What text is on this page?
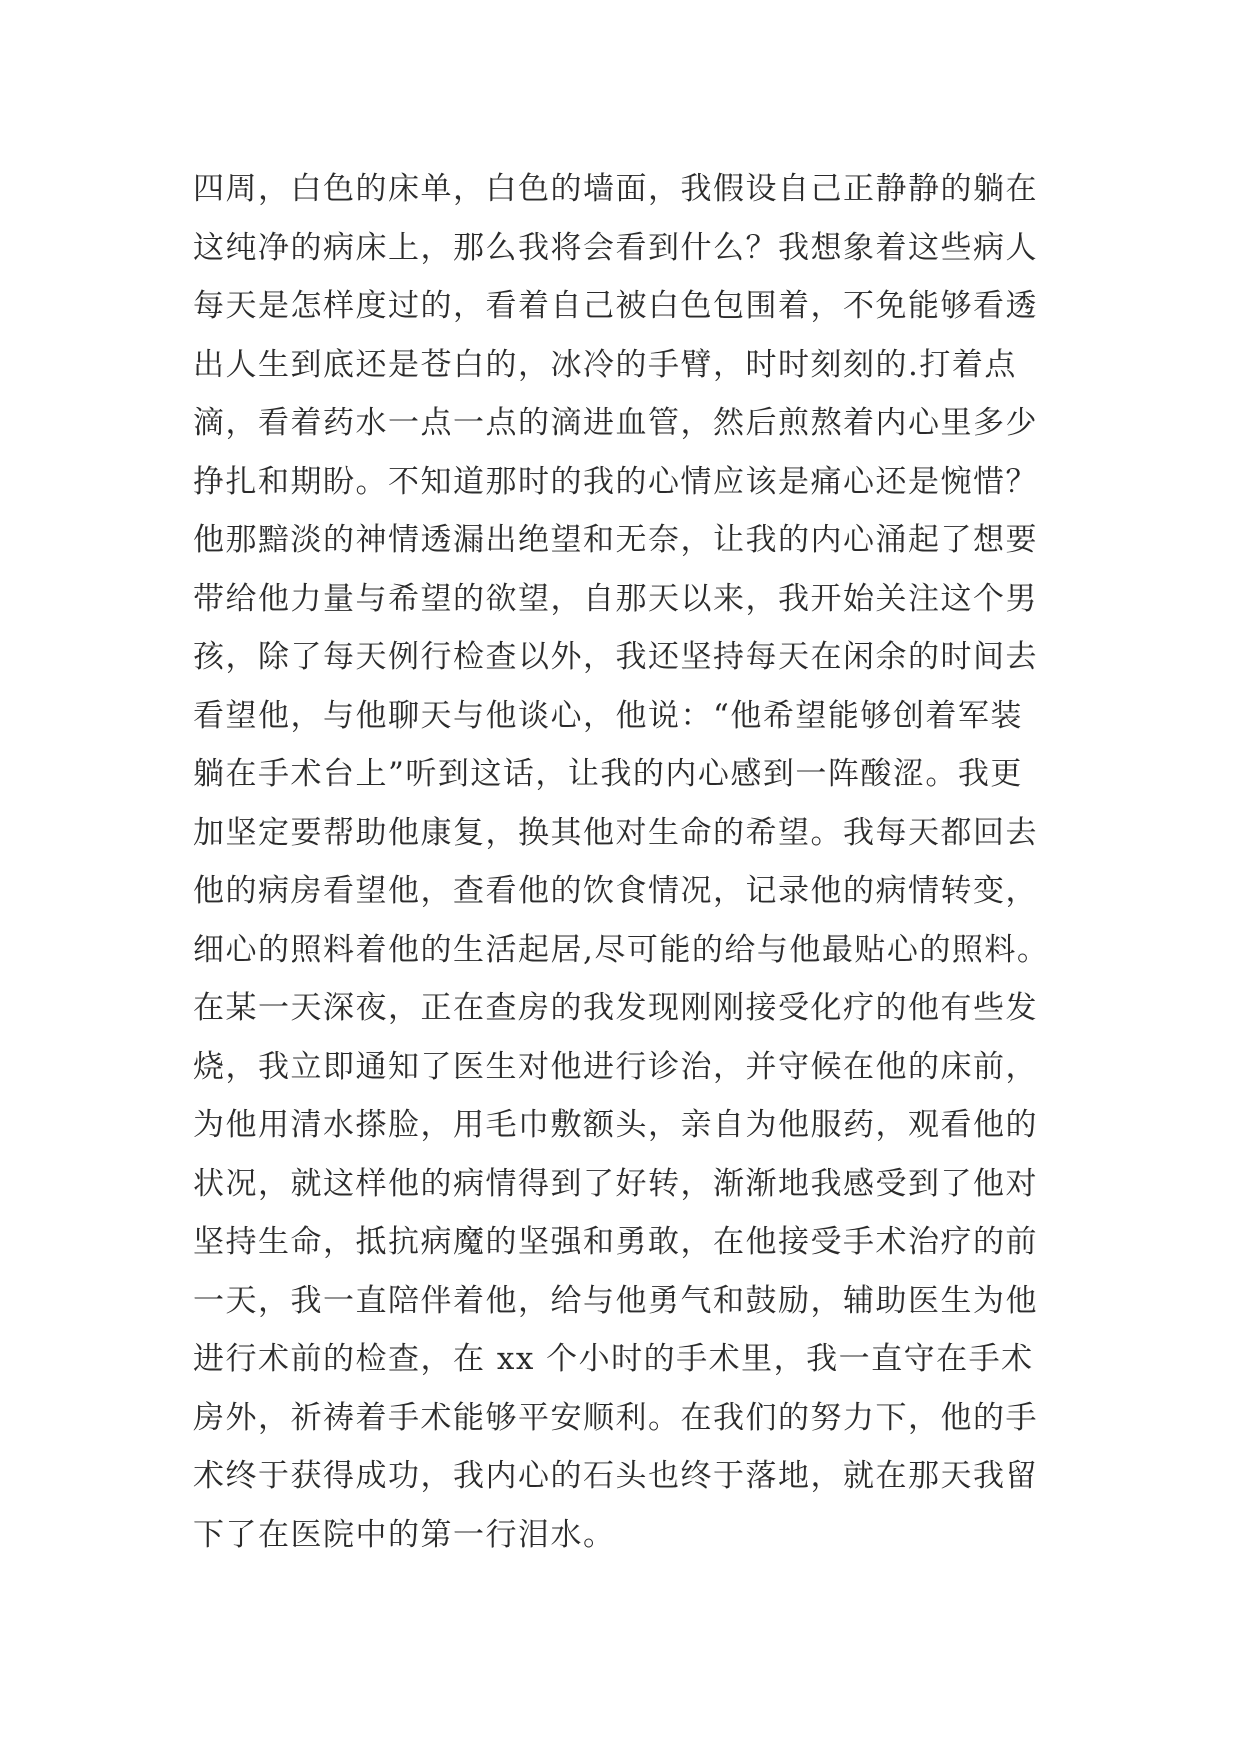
四周，白色的床单，白色的墙面，我假设自己正静静的躺在
这纯净的病床上，那么我将会看到什么？我想象着这些病人
每天是怎样度过的，看着自己被白色包围着，不免能够看透
出人生到底还是苍白的，冰冷的手臂，时时刻刻的.打着点
滴，看着药水一点一点的滴进血管，然后煎熬着内心里多少
挣扎和期盼。不知道那时的我的心情应该是痛心还是惋惜？
他那黯淡的神情透漏出绝望和无奈，让我的内心涌起了想要
带给他力量与希望的欲望，自那天以来，我开始关注这个男
孩，除了每天例行检查以外，我还坚持每天在闲余的时间去
看望他，与他聊天与他谈心，他说：“他希望能够创着军装
躺在手术台上”听到这话，让我的内心感到一阵酸涩。我更
加坚定要帮助他康复，换其他对生命的希望。我每天都回去
他的病房看望他，查看他的饮食情况，记录他的病情转变，
细心的照料着他的生活起居,尽可能的给与他最贴心的照料。
在某一天深夜，正在查房的我发现刚刚接受化疗的他有些发
烧，我立即通知了医生对他进行诊治，并守候在他的床前，
为他用清水搽脸，用毛巾敷额头，亲自为他服药，观看他的
状况，就这样他的病情得到了好转，渐渐地我感受到了他对
坚持生命，抵抗病魔的坚强和勇敢，在他接受手术治疗的前
一天，我一直陪伴着他，给与他勇气和鼓励，辅助医生为他
进行术前的检查，在 xx 个小时的手术里，我一直守在手术
房外，祈祷着手术能够平安顺利。在我们的努力下，他的手
术终于获得成功，我内心的石头也终于落地，就在那天我留
下了在医院中的第一行泪水。
